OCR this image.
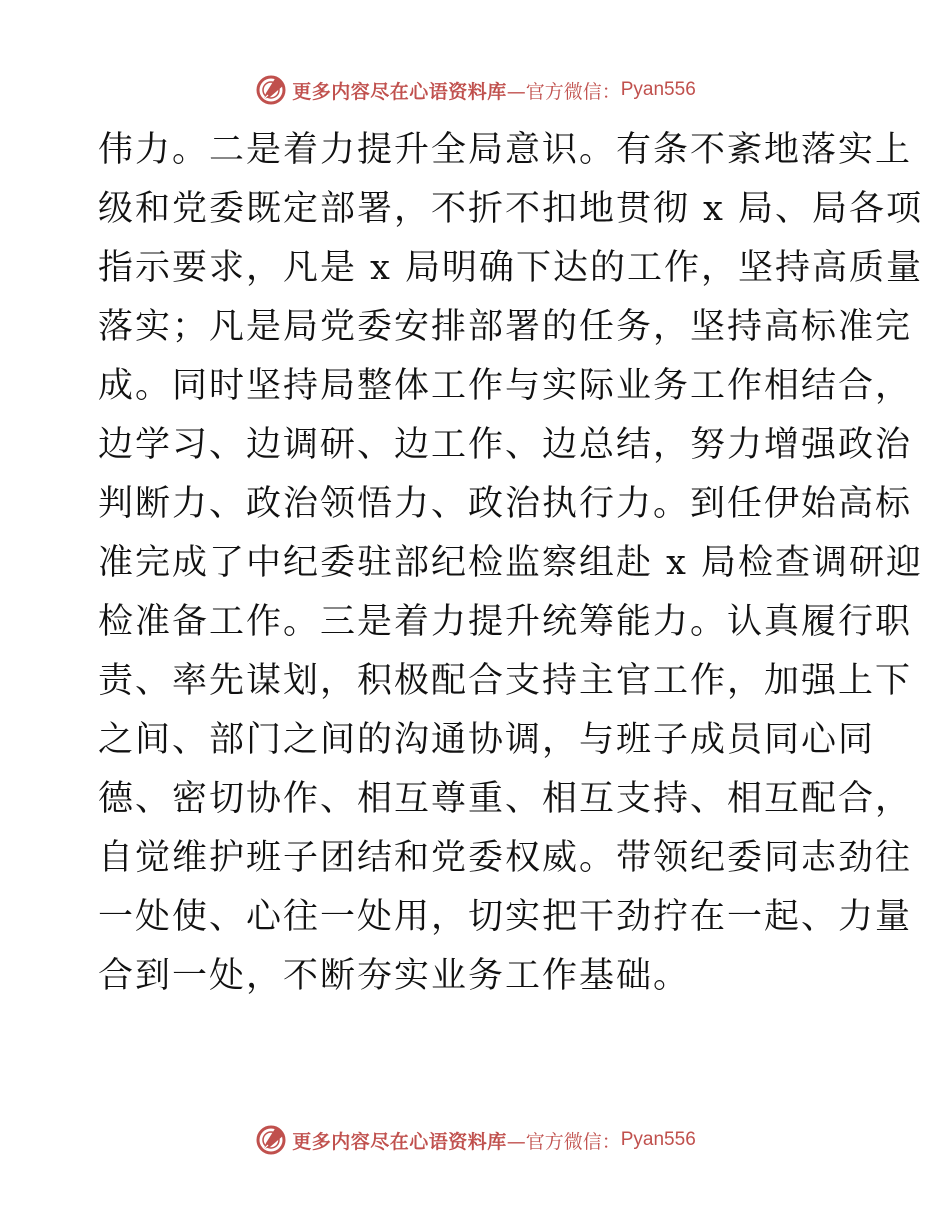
更多内容尽在心语资料库 —官方微信： Pyan556
伟力。二是着力提升全局意识。有条不紊地落实上
级和党委既定部署，不折不扣地贯彻 x 局、局各项
指示要求，凡是 x 局明确下达的工作，坚持高质量
落实；凡是局党委安排部署的任务，坚持高标准完
成。同时坚持局整体工作与实际业务工作相结合，
边学习、边调研、边工作、边总结，努力增强政治
判断力、政治领悟力、政治执行力。到任伊始高标
准完成了中纪委驻部纪检监察组赴 x 局检查调研迎
检准备工作。三是着力提升统筹能力。认真履行职
责、率先谋划，积极配合支持主官工作，加强上下
之间、部门之间的沟通协调，与班子成员同心同
德、密切协作、相互尊重、相互支持、相互配合，
自觉维护班子团结和党委权威。带领纪委同志劲往
一处使、心往一处用，切实把干劲拧在一起、力量
合到一处，不断夯实业务工作基础。
更多内容尽在心语资料库 —官方微信： Pyan556
